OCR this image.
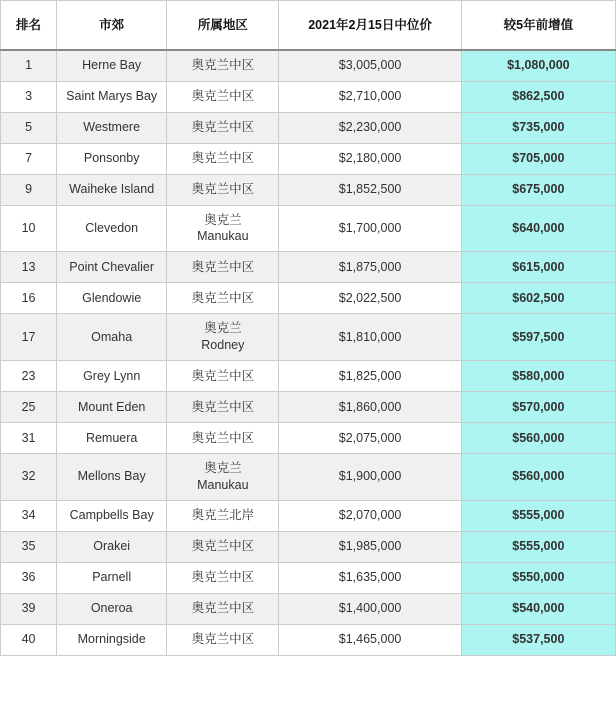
排名	市郊	所属地区	2021年2月15日中位价	较5年前增值
1	Herne Bay	奥克兰中区	$3,005,000	$1,080,000
3	Saint Marys Bay	奥克兰中区	$2,710,000	$862,500
5	Westmere	奥克兰中区	$2,230,000	$735,000
7	Ponsonby	奥克兰中区	$2,180,000	$705,000
9	Waiheke Island	奥克兰中区	$1,852,500	$675,000
10	Clevedon	奥克兰
Manukau	$1,700,000	$640,000
13	Point Chevalier	奥克兰中区	$1,875,000	$615,000
16	Glendowie	奥克兰中区	$2,022,500	$602,500
17	Omaha	奥克兰
Rodney	$1,810,000	$597,500
23	Grey Lynn	奥克兰中区	$1,825,000	$580,000
25	Mount Eden	奥克兰中区	$1,860,000	$570,000
31	Remuera	奥克兰中区	$2,075,000	$560,000
32	Mellons Bay	奥克兰
Manukau	$1,900,000	$560,000
34	Campbells Bay	奥克兰北岸	$2,070,000	$555,000
35	Orakei	奥克兰中区	$1,985,000	$555,000
36	Parnell	奥克兰中区	$1,635,000	$550,000
39	Oneroa	奥克兰中区	$1,400,000	$540,000
40	Morningside	奥克兰中区	$1,465,000	$537,500
